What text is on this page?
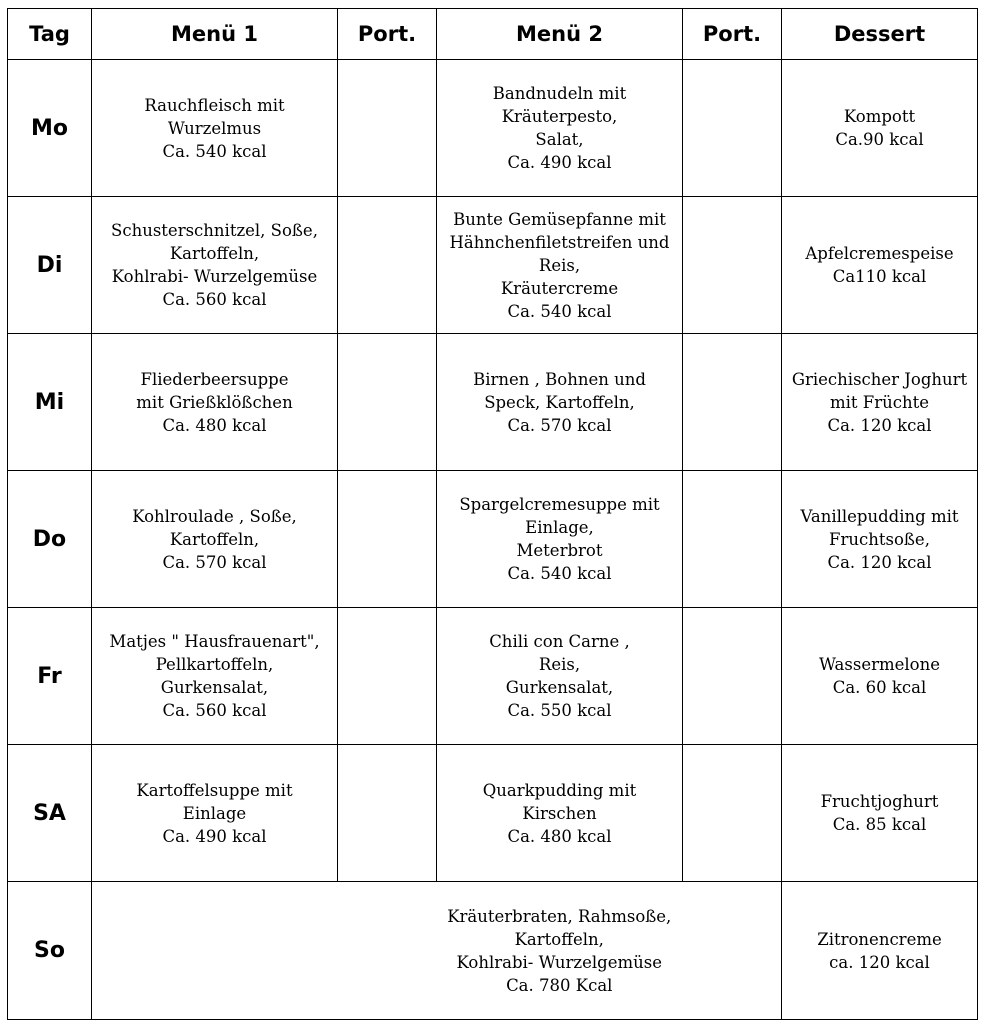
Tag	Menü 1	Port.	Menü 2	Port.	Dessert
Mo	Rauchfleisch mit
Wurzelmus
Ca. 540 kcal		Bandnudeln mit
Kräuterpesto,
Salat,
Ca. 490 kcal		Kompott
Ca.90 kcal

Di	Schusterschnitzel, Soße,
Kartoffeln,
Kohlrabi- Wurzelgemüse
Ca. 560 kcal		Bunte Gemüsepfanne mit
Hähnchenfiletstreifen und
Reis,
Kräutercreme
Ca. 540 kcal		Apfelcremespeise
Ca110 kcal

Mi	Fliederbeersuppe
mit Grießklößchen
Ca. 480 kcal		Birnen , Bohnen und
Speck, Kartoffeln,
Ca. 570 kcal		Griechischer Joghurt
mit Früchte
Ca. 120 kcal

Do	Kohlroulade , Soße,
Kartoffeln,
Ca. 570 kcal		Spargelcremesuppe mit
Einlage,
Meterbrot
Ca. 540 kcal		Vanillepudding mit
Fruchtsoße,
Ca. 120 kcal

Fr	Matjes " Hausfrauenart",
Pellkartoffeln,
Gurkensalat,
Ca. 560 kcal		Chili con Carne ,
Reis,
Gurkensalat,
Ca. 550 kcal		Wassermelone
Ca. 60 kcal

SA	Kartoffelsuppe mit
Einlage
Ca. 490 kcal		Quarkpudding mit
Kirschen
Ca. 480 kcal		Fruchtjoghurt
Ca. 85 kcal

So		Kräuterbraten, Rahmsoße,
Kartoffeln,
Kohlrabi- Wurzelgemüse
Ca. 780 Kcal			Zitronencreme
ca. 120 kcal
